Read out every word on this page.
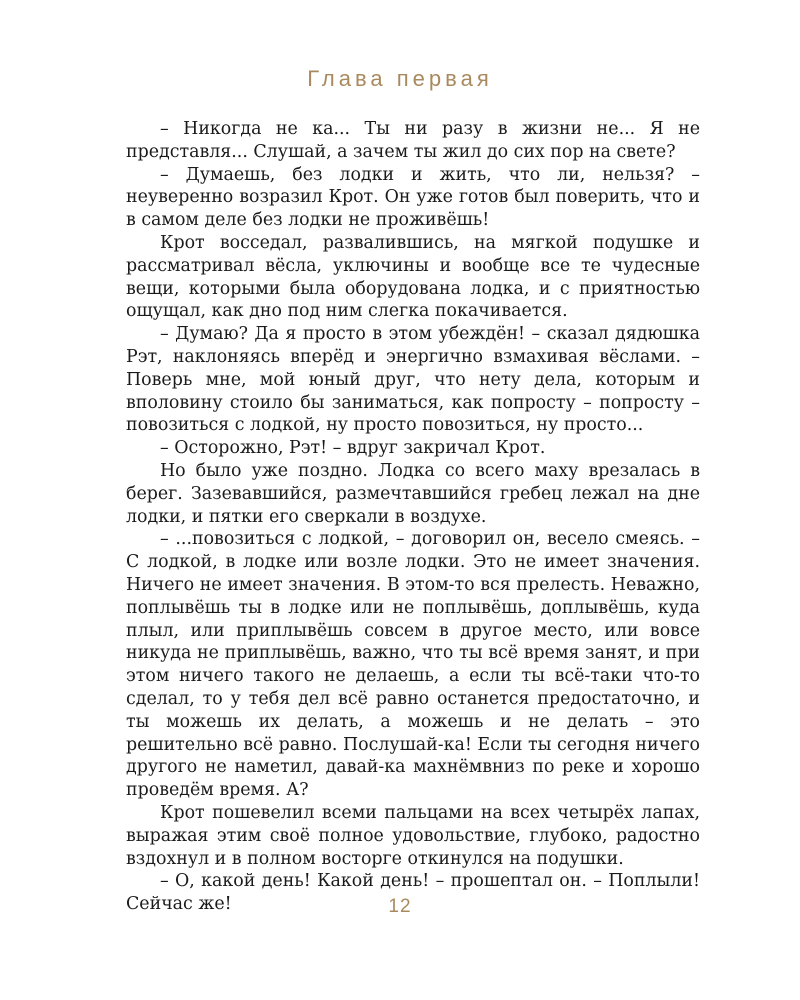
Глава первая

– Никогда не ка... Ты ни разу в жизни не... Я не представля... Слушай, а зачем ты жил до сих пор на свете?

– Думаешь, без лодки и жить, что ли, нельзя? – неуверенно возразил Крот. Он уже готов был поверить, что и в самом деле без лодки не проживёшь!

Крот восседал, развалившись, на мягкой подушке и рассматривал вёсла, уключины и вообще все те чудесные вещи, которыми была оборудована лодка, и с приятностью ощущал, как дно под ним слегка покачивается.

– Думаю? Да я просто в этом убеждён! – сказал дядюшка Рэт, наклоняясь вперёд и энергично взмахивая вёслами. – Поверь мне, мой юный друг, что нету дела, которым и вполовину стоило бы заниматься, как попросту – попросту – повозиться с лодкой, ну просто повозиться, ну просто...

– Осторожно, Рэт! – вдруг закричал Крот.

Но было уже поздно. Лодка со всего маху врезалась в берег. Зазевавшийся, размечтавшийся гребец лежал на дне лодки, и пятки его сверкали в воздухе.

– ...повозиться с лодкой, – договорил он, весело смеясь. – С лодкой, в лодке или возле лодки. Это не имеет значения. Ничего не имеет значения. В этом-то вся прелесть. Неважно, поплывёшь ты в лодке или не поплывёшь, доплывёшь, куда плыл, или приплывёшь совсем в другое место, или вовсе никуда не приплывёшь, важно, что ты всё время занят, и при этом ничего такого не делаешь, а если ты всё-таки что-то сделал, то у тебя дел всё равно останется предостаточно, и ты можешь их делать, а можешь и не делать – это решительно всё равно. Послушай-ка! Если ты сегодня ничего другого не наметил, давай-ка махнёмвниз по реке и хорошо проведём время. А?

Крот пошевелил всеми пальцами на всех четырёх лапах, выражая этим своё полное удовольствие, глубоко, радостно вздохнул и в полном восторге откинулся на подушки.

– О, какой день! Какой день! – прошептал он. – Поплыли! Сейчас же!	12
